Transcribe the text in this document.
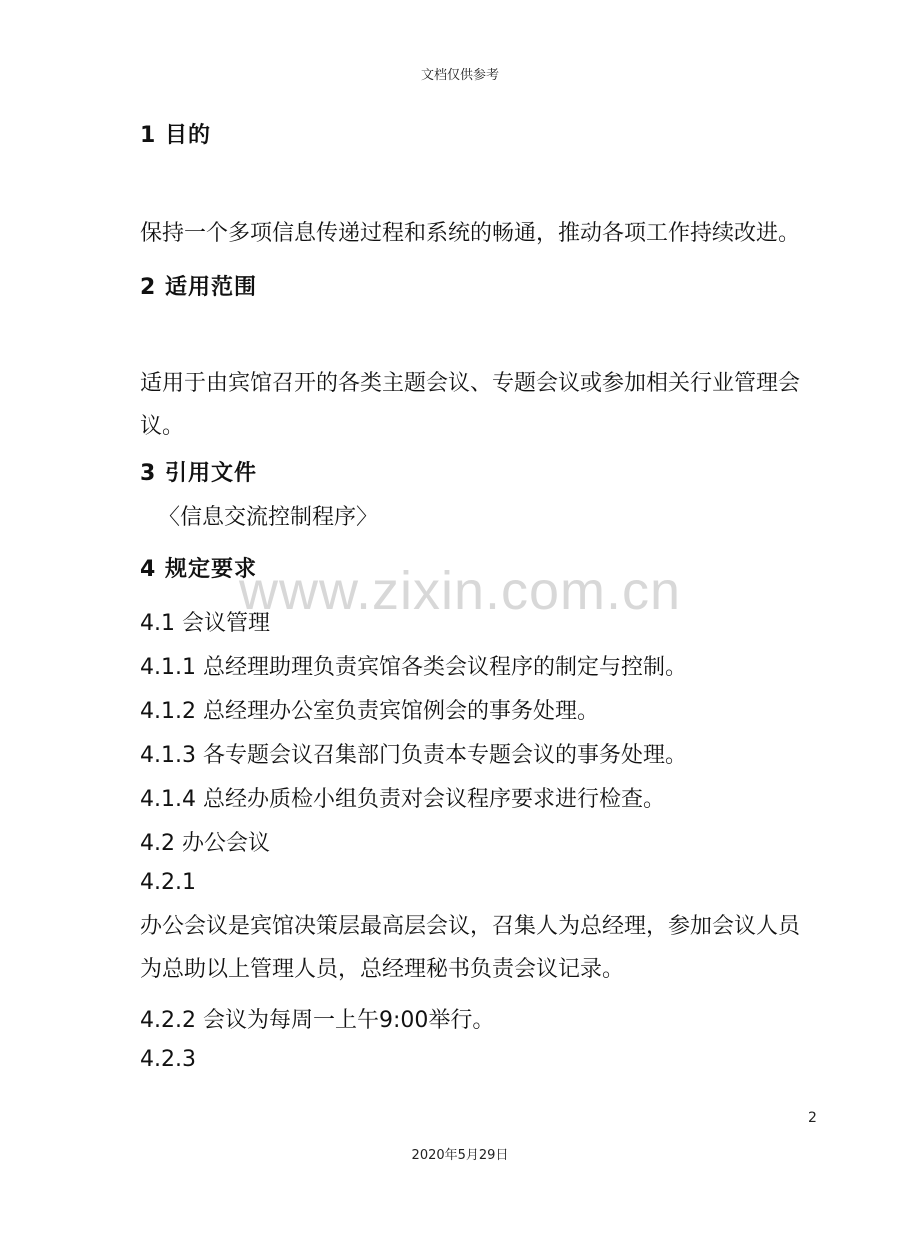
文档仅供参考
www.zixin.com.cn
1 目的
保持一个多项信息传递过程和系统的畅通，推动各项工作持续改进。
2 适用范围
适用于由宾馆召开的各类主题会议、专题会议或参加相关行业管理会议。
3 引用文件
〈信息交流控制程序〉
4 规定要求
4.1 会议管理
4.1.1 总经理助理负责宾馆各类会议程序的制定与控制。
4.1.2 总经理办公室负责宾馆例会的事务处理。
4.1.3 各专题会议召集部门负责本专题会议的事务处理。
4.1.4 总经办质检小组负责对会议程序要求进行检查。
4.2 办公会议
4.2.1
办公会议是宾馆决策层最高层会议，召集人为总经理，参加会议人员为总助以上管理人员，总经理秘书负责会议记录。
4.2.2 会议为每周一上午9:00举行。
4.2.3
2
2020年5月29日
